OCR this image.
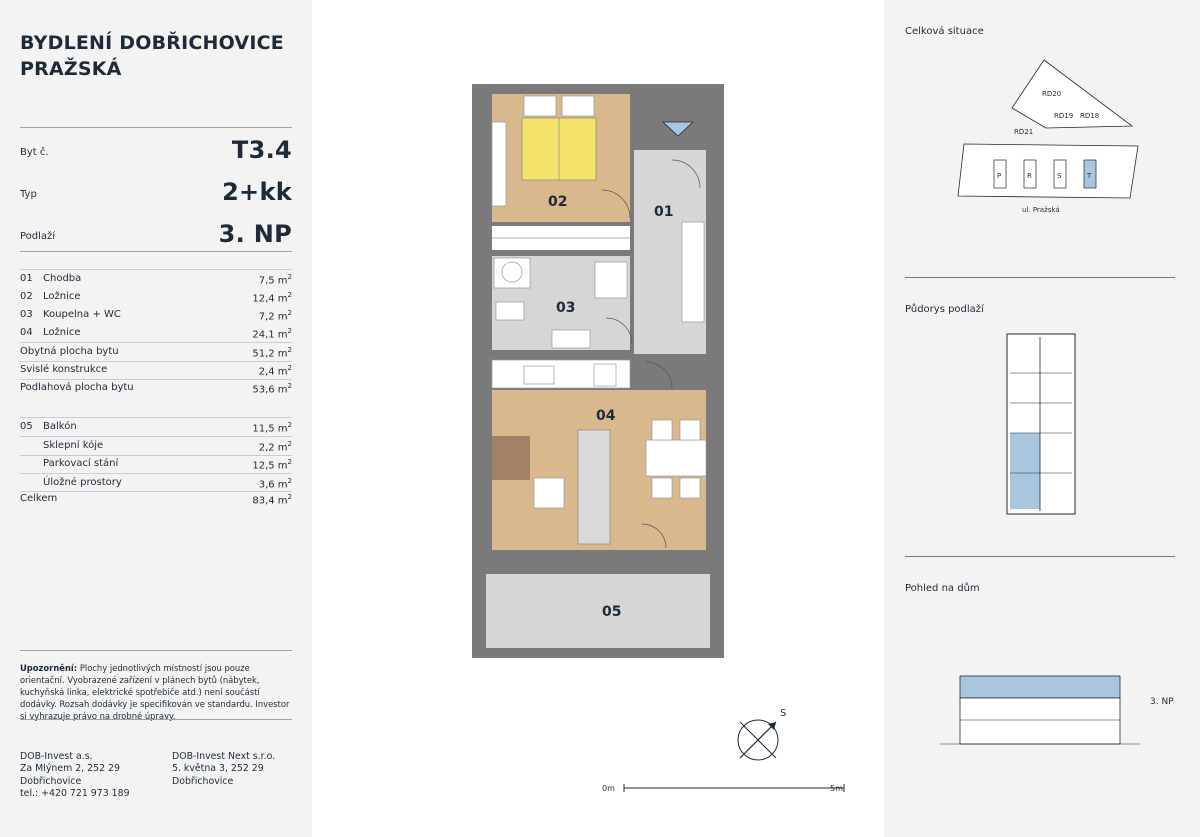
BYDLENÍ DOBŘICHOVICE
PRAŽSKÁ
Byt č.	T3.4
Typ	2+kk
Podlaží	3. NP
01 Chodba	7,5 $m^2$
02 Ložnice	12,4 $m^2$
03 Koupelna + WC	7,2 $m^2$
04 Ložnice	24,1 $m^2$
Obytná plocha bytu	51,2 $m^2$
Svislé konstrukce	2,4 $m^2$
Podlahová plocha bytu	53,6 $m^2$
05 Balkón	11,5 $m^2$
Sklepní kóje	2,2 $m^2$
Parkovací stání	12,5 $m^2$
Úložné prostory	3,6 $m^2$
Celkem	83,4 $m^2$
Upozornění: Plochy jednotlivých místností jsou pouze orientační. Vyobrazené zařízení v plánech bytů (nábytek, kuchyňská linka, elektrické spotřebiče atd.) není součástí dodávky. Rozsah dodávky je specifikován ve standardu. Investor si vyhrazuje právo na drobné úpravy.
DOB-Invest a.s.
Za Mlýnem 2, 252 29
Dobřichovice
tel.: +420 721 973 189
DOB-Invest Next s.r.o.
5. května 3, 252 29
Dobřichovice
02
01
03
04
05
S
0m	5m
Celková situace
RD20
RD19 RD18
RD21
P	R	S	T
ul. Pražská
Půdorys podlaží
Pohled na dům
3. NP
